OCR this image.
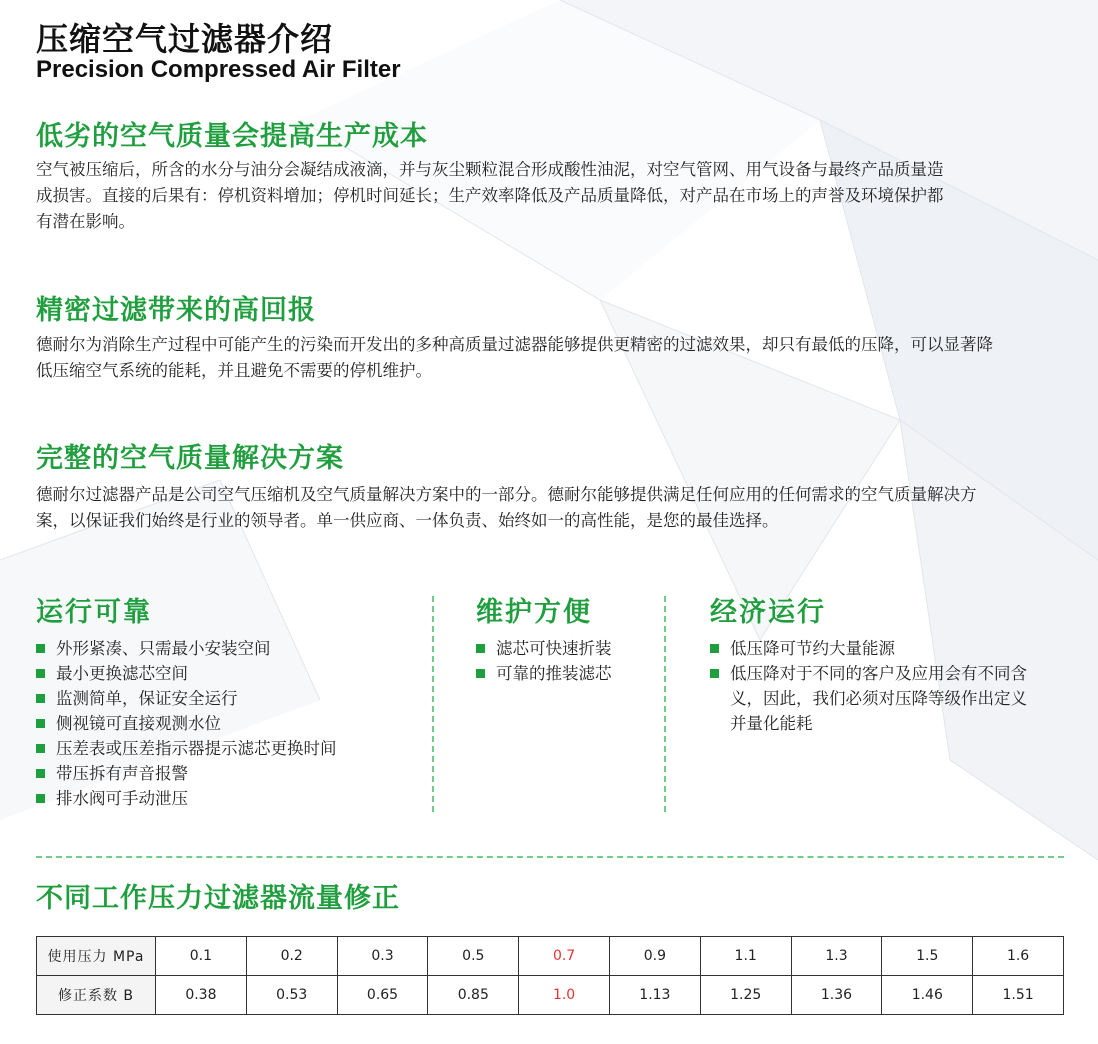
压缩空气过滤器介绍
Precision Compressed Air Filter
低劣的空气质量会提高生产成本
空气被压缩后，所含的水分与油分会凝结成液滴，并与灰尘颗粒混合形成酸性油泥，对空气管网、用气设备与最终产品质量造
成损害。直接的后果有：停机资料增加；停机时间延长；生产效率降低及产品质量降低，对产品在市场上的声誉及环境保护都
有潜在影响。
精密过滤带来的高回报
德耐尔为消除生产过程中可能产生的污染而开发出的多种高质量过滤器能够提供更精密的过滤效果，却只有最低的压降，可以显著降
低压缩空气系统的能耗，并且避免不需要的停机维护。
完整的空气质量解决方案
德耐尔过滤器产品是公司空气压缩机及空气质量解决方案中的一部分。德耐尔能够提供满足任何应用的任何需求的空气质量解决方
案，以保证我们始终是行业的领导者。单一供应商、一体负责、始终如一的高性能，是您的最佳选择。
运行可靠
外形紧凑、只需最小安装空间
最小更换滤芯空间
监测简单，保证安全运行
侧视镜可直接观测水位
压差表或压差指示器提示滤芯更换时间
带压拆有声音报警
排水阀可手动泄压
维护方便
滤芯可快速折装
可靠的推装滤芯
经济运行
低压降可节约大量能源
低压降对于不同的客户及应用会有不同含
义，因此，我们必须对压降等级作出定义
并量化能耗
不同工作压力过滤器流量修正
使用压力 MPa	0.1	0.2	0.3	0.5	0.7	0.9	1.1	1.3	1.5	1.6
修正系数 B	0.38	0.53	0.65	0.85	1.0	1.13	1.25	1.36	1.46	1.51
